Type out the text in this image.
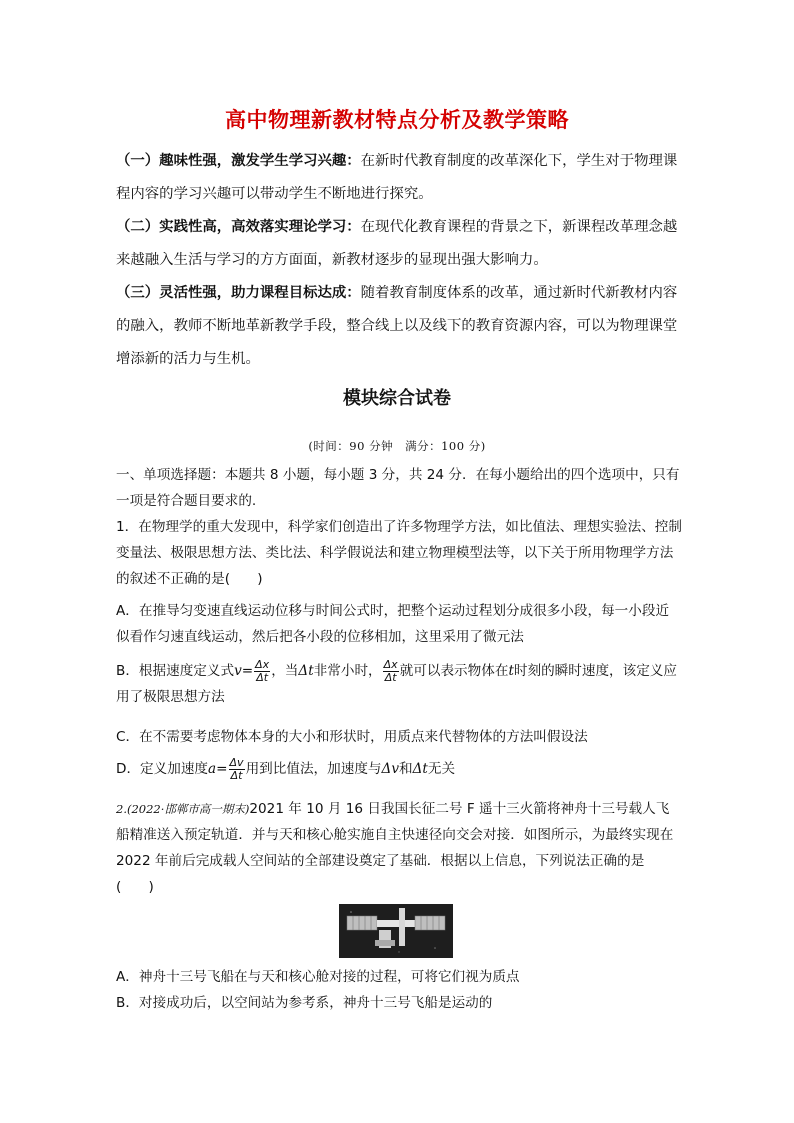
高中物理新教材特点分析及教学策略

（一）趣味性强，激发学生学习兴趣：在新时代教育制度的改革深化下，学生对于物理课程内容的学习兴趣可以带动学生不断地进行探究。

（二）实践性高，高效落实理论学习：在现代化教育课程的背景之下，新课程改革理念越来越融入生活与学习的方方面面，新教材逐步的显现出强大影响力。

（三）灵活性强，助力课程目标达成：随着教育制度体系的改革，通过新时代新教材内容的融入，教师不断地革新教学手段，整合线上以及线下的教育资源内容，可以为物理课堂增添新的活力与生机。

模块综合试卷
(时间：90 分钟　满分：100 分)

一、单项选择题：本题共 8 小题，每小题 3 分，共 24 分．在每小题给出的四个选项中，只有一项是符合题目要求的.

1．在物理学的重大发现中，科学家们创造出了许多物理学方法，如比值法、理想实验法、控制变量法、极限思想方法、类比法、科学假说法和建立物理模型法等，以下关于所用物理学方法的叙述不正确的是(　　)

A．在推导匀变速直线运动位移与时间公式时，把整个运动过程划分成很多小段，每一小段近似看作匀速直线运动，然后把各小段的位移相加，这里采用了微元法

B．根据速度定义式$v= \frac{\Delta x}{\Delta t}$ ，当Δt非常小时， $\frac{\Delta x}{\Delta t}$ 就可以表示物体在t时刻的瞬时速度，该定义应用了极限思想方法

C．在不需要考虑物体本身的大小和形状时，用质点来代替物体的方法叫假设法

D．定义加速度$a= \frac{\Delta v}{\Delta t}$ 用到比值法，加速度与Δv和Δt无关

2.(2022·邯郸市高一期末)2021 年 10 月 16 日我国长征二号 F 遥十三火箭将神舟十三号载人飞船精准送入预定轨道．并与天和核心舱实施自主快速径向交会对接．如图所示，为最终实现在 2022 年前后完成载人空间站的全部建设奠定了基础．根据以上信息，下列说法正确的是(　　)

A．神舟十三号飞船在与天和核心舱对接的过程，可将它们视为质点

B．对接成功后，以空间站为参考系，神舟十三号飞船是运动的
